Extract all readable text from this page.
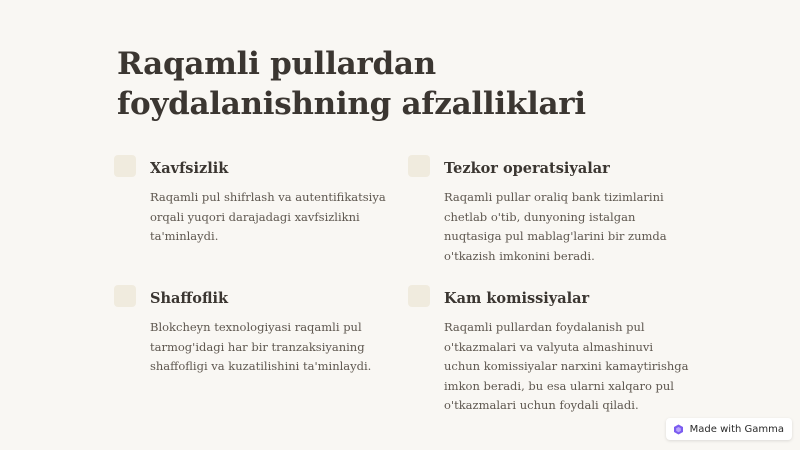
Raqamli pullardan foydalanishning afzalliklari
Xavfsizlik

Raqamli pul shifrlash va autentifikatsiya orqali yuqori darajadagi xavfsizlikni ta'minlaydi.

Tezkor operatsiyalar

Raqamli pullar oraliq bank tizimlarini chetlab o'tib, dunyoning istalgan nuqtasiga pul mablag'larini bir zumda o'tkazish imkonini beradi.

Shaffoflik

Blokcheyn texnologiyasi raqamli pul tarmog'idagi har bir tranzaksiyaning shaffofligi va kuzatilishini ta'minlaydi.

Kam komissiyalar

Raqamli pullardan foydalanish pul o'tkazmalari va valyuta almashinuvi uchun komissiyalar narxini kamaytirishga imkon beradi, bu esa ularni xalqaro pul o'tkazmalari uchun foydali qiladi.

Made with Gamma
